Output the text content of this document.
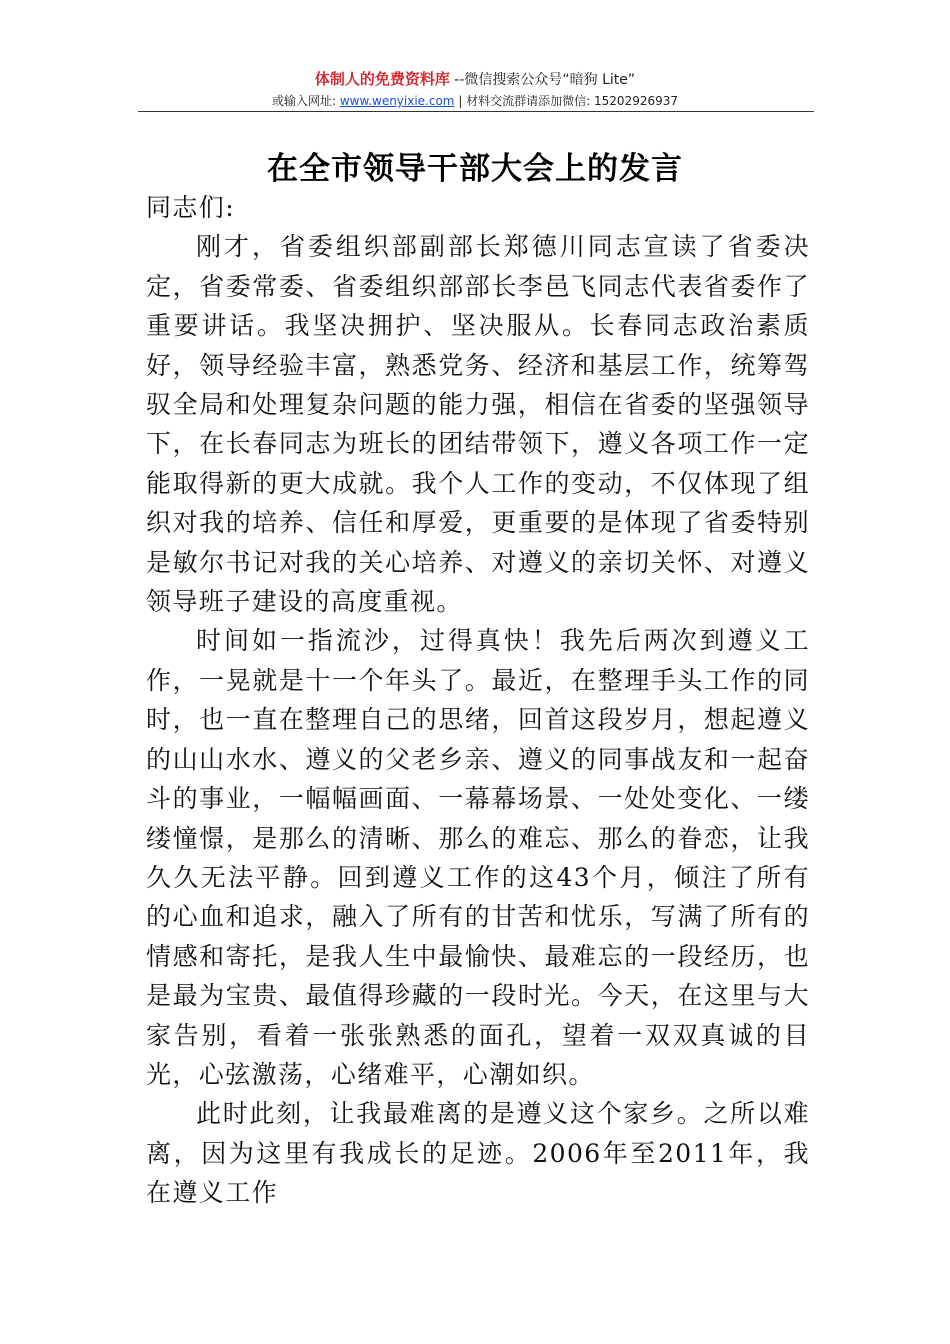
体制人的免费资料库 --微信搜索公众号“暗狗 Lite”
或输入网址: www.wenyixie.com | 材料交流群请添加微信: 15202926937
在全市领导干部大会上的发言

同志们:

刚才，省委组织部副部长郑德川同志宣读了省委决定，省委常委、省委组织部部长李邑飞同志代表省委作了重要讲话。我坚决拥护、坚决服从。长春同志政治素质好，领导经验丰富，熟悉党务、经济和基层工作，统筹驾驭全局和处理复杂问题的能力强，相信在省委的坚强领导下，在长春同志为班长的团结带领下，遵义各项工作一定能取得新的更大成就。我个人工作的变动，不仅体现了组织对我的培养、信任和厚爱，更重要的是体现了省委特别是敏尔书记对我的关心培养、对遵义的亲切关怀、对遵义领导班子建设的高度重视。

时间如一指流沙，过得真快！我先后两次到遵义工作，一晃就是十一个年头了。最近，在整理手头工作的同时，也一直在整理自己的思绪，回首这段岁月，想起遵义的山山水水、遵义的父老乡亲、遵义的同事战友和一起奋斗的事业，一幅幅画面、一幕幕场景、一处处变化、一缕缕憧憬，是那么的清晰、那么的难忘、那么的眷恋，让我久久无法平静。回到遵义工作的这43个月，倾注了所有的心血和追求，融入了所有的甘苦和忧乐，写满了所有的情感和寄托，是我人生中最愉快、最难忘的一段经历，也是最为宝贵、最值得珍藏的一段时光。今天，在这里与大家告别，看着一张张熟悉的面孔，望着一双双真诚的目光，心弦激荡，心绪难平，心潮如织。

此时此刻，让我最难离的是遵义这个家乡。之所以难离，因为这里有我成长的足迹。2006年至2011年，我在遵义工作
